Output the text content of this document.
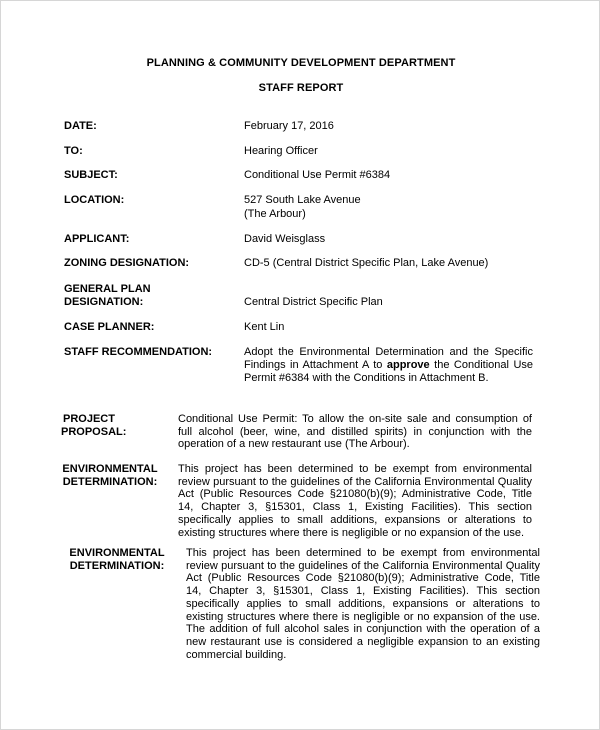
PLANNING & COMMUNITY DEVELOPMENT DEPARTMENT
STAFF REPORT
DATE:	February 17, 2016
TO:	Hearing Officer
SUBJECT:	Conditional Use Permit #6384
LOCATION:	527 South Lake Avenue
(The Arbour)
APPLICANT:	David Weisglass
ZONING DESIGNATION:	CD-5 (Central District Specific Plan, Lake Avenue)
GENERAL PLAN
DESIGNATION:	Central District Specific Plan
CASE PLANNER:	Kent Lin
STAFF RECOMMENDATION:	Adopt the Environmental Determination and the Specific Findings in Attachment A to approve the Conditional Use Permit #6384 with the Conditions in Attachment B.
PROJECT
PROPOSAL:
Conditional Use Permit: To allow the on-site sale and consumption of
full alcohol (beer, wine, and distilled spirits) in conjunction with the
operation of a new restaurant use (The Arbour).
ENVIRONMENTAL
DETERMINATION:
This project has been determined to be exempt from environmental
review pursuant to the guidelines of the California Environmental Quality
Act (Public Resources Code §21080(b)(9); Administrative Code, Title
14, Chapter 3, §15301, Class 1, Existing Facilities). This section
specifically applies to small additions, expansions or alterations to
existing structures where there is negligible or no expansion of the use.
ENVIRONMENTAL
DETERMINATION:
This project has been determined to be exempt from environmental
review pursuant to the guidelines of the California Environmental Quality
Act (Public Resources Code §21080(b)(9); Administrative Code, Title
14, Chapter 3, §15301, Class 1, Existing Facilities). This section
specifically applies to small additions, expansions or alterations to
existing structures where there is negligible or no expansion of the use.
The addition of full alcohol sales in conjunction with the operation of a
new restaurant use is considered a negligible expansion to an existing
commercial building.
